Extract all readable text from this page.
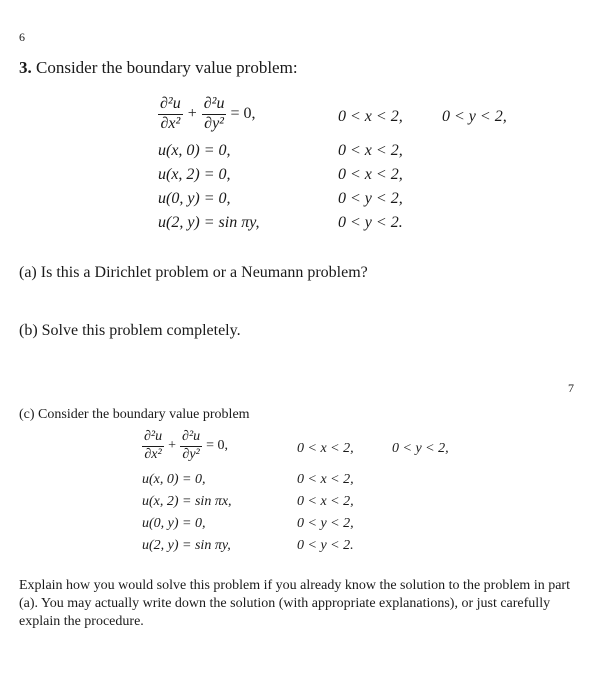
6
3. Consider the boundary value problem:
$\frac{\text{∂²u}}{\text{∂x²}} + \frac{\text{∂²u}}{\text{∂y²}} = 0$,	0 < x < 2, 0 < y < 2,
u(x, 0) = 0,	0 < x < 2,
u(x, 2) = 0,	0 < x < 2,
u(0, y) = 0,	0 < y < 2,
u(2, y) = sin πy,	0 < y < 2.
(a) Is this a Dirichlet problem or a Neumann problem?
(b) Solve this problem completely.
7
(c) Consider the boundary value problem
$\frac{\text{∂²u}}{\text{∂x²}} + \frac{\text{∂²u}}{\text{∂y²}} = 0$,	0 < x < 2,	0 < y < 2,
u(x, 0) = 0,	0 < x < 2,
u(x, 2) = sin πx,	0 < x < 2,
u(0, y) = 0,	0 < y < 2,
u(2, y) = sin πy,	0 < y < 2.
Explain how you would solve this problem if you already know the solution to the problem in part (a). You may actually write down the solution (with appropriate explanations), or just carefully explain the procedure.
